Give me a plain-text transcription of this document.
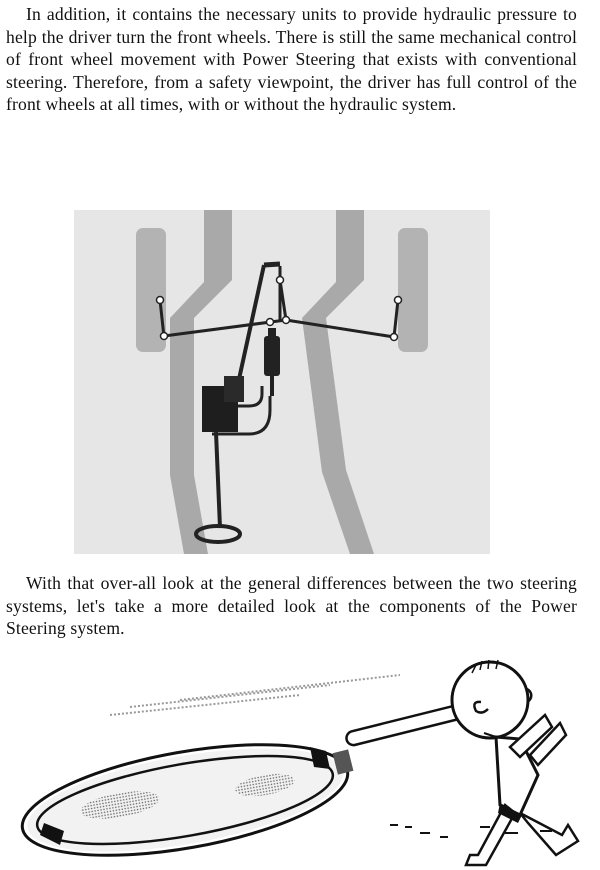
In addition, it contains the necessary units to provide hydraulic pressure to help the driver turn the front wheels. There is still the same mechanical control of front wheel movement with Power Steering that exists with conventional steering. Therefore, from a safety viewpoint, the driver has full control of the front wheels at all times, with or without the hydraulic system.

With that over-all look at the general differences between the two steering systems, let's take a more detailed look at the components of the Power Steering system.
